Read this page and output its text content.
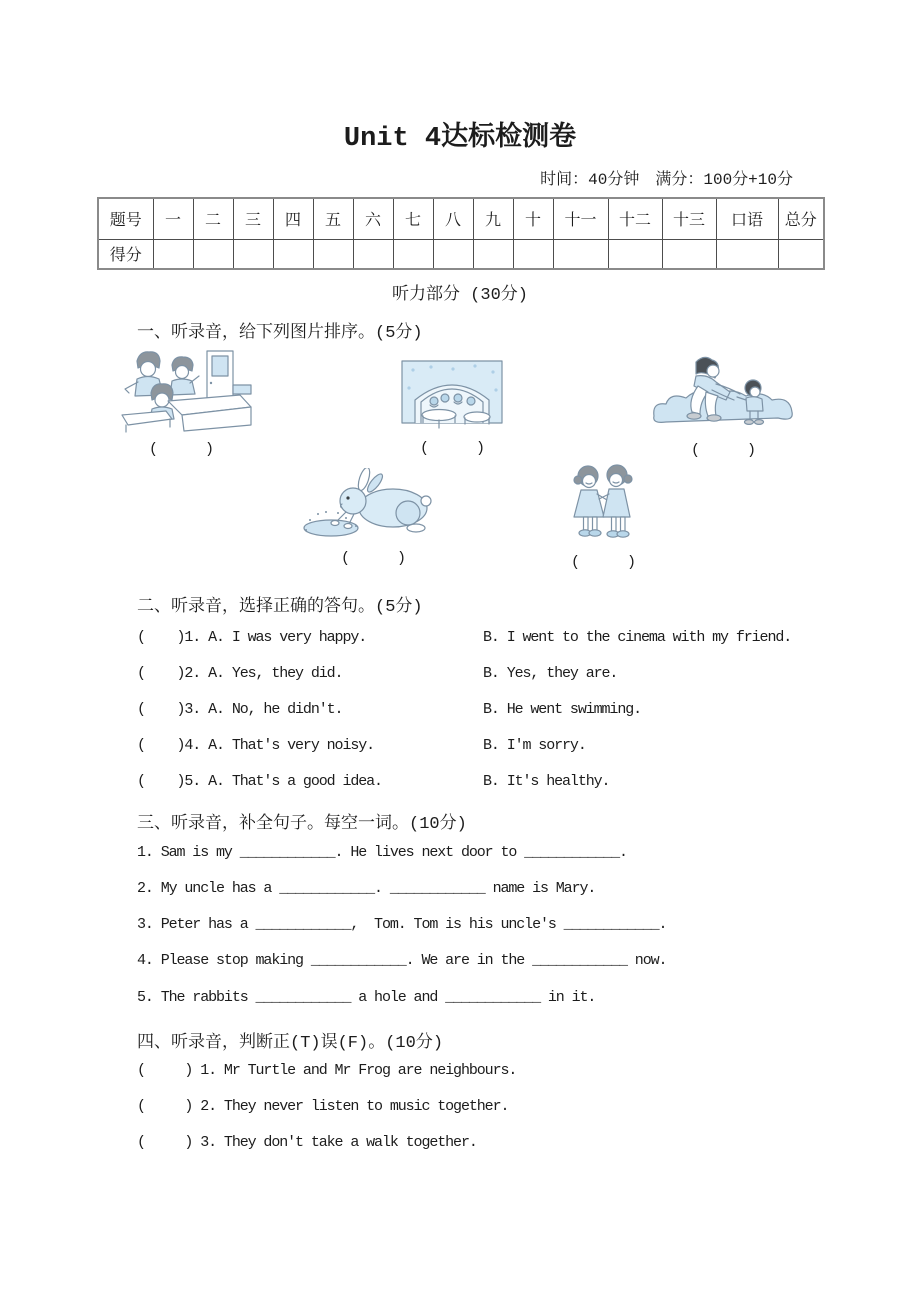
Unit 4达标检测卷
时间：40分钟　满分：100分+10分
题号	一	二	三	四	五	六	七	八	九	十	十一	十二	十三	口语	总分
得分															
听力部分 (30分)
一、听录音，给下列图片排序。(5分)
(      )	(      )	(      )
(      )	(      )
二、听录音，选择正确的答句。(5分)
(    )1. A. I was very happy.	B. I went to the cinema with my friend.
(    )2. A. Yes, they did.	B. Yes, they are.
(    )3. A. No, he didn't.	B. He went swimming.
(    )4. A. That's very noisy.	B. I'm sorry.
(    )5. A. That's a good idea.	B. It's healthy.
三、听录音，补全句子。每空一词。(10分)
1. Sam is my ____________. He lives next door to ____________.
2. My uncle has a ____________. ____________ name is Mary.
3. Peter has a ____________,  Tom. Tom is his uncle's ____________.
4. Please stop making ____________. We are in the ____________ now.
5. The rabbits ____________ a hole and ____________ in it.
四、听录音，判断正(T)误(F)。(10分)
(     ) 1. Mr Turtle and Mr Frog are neighbours.
(     ) 2. They never listen to music together.
(     ) 3. They don't take a walk together.
